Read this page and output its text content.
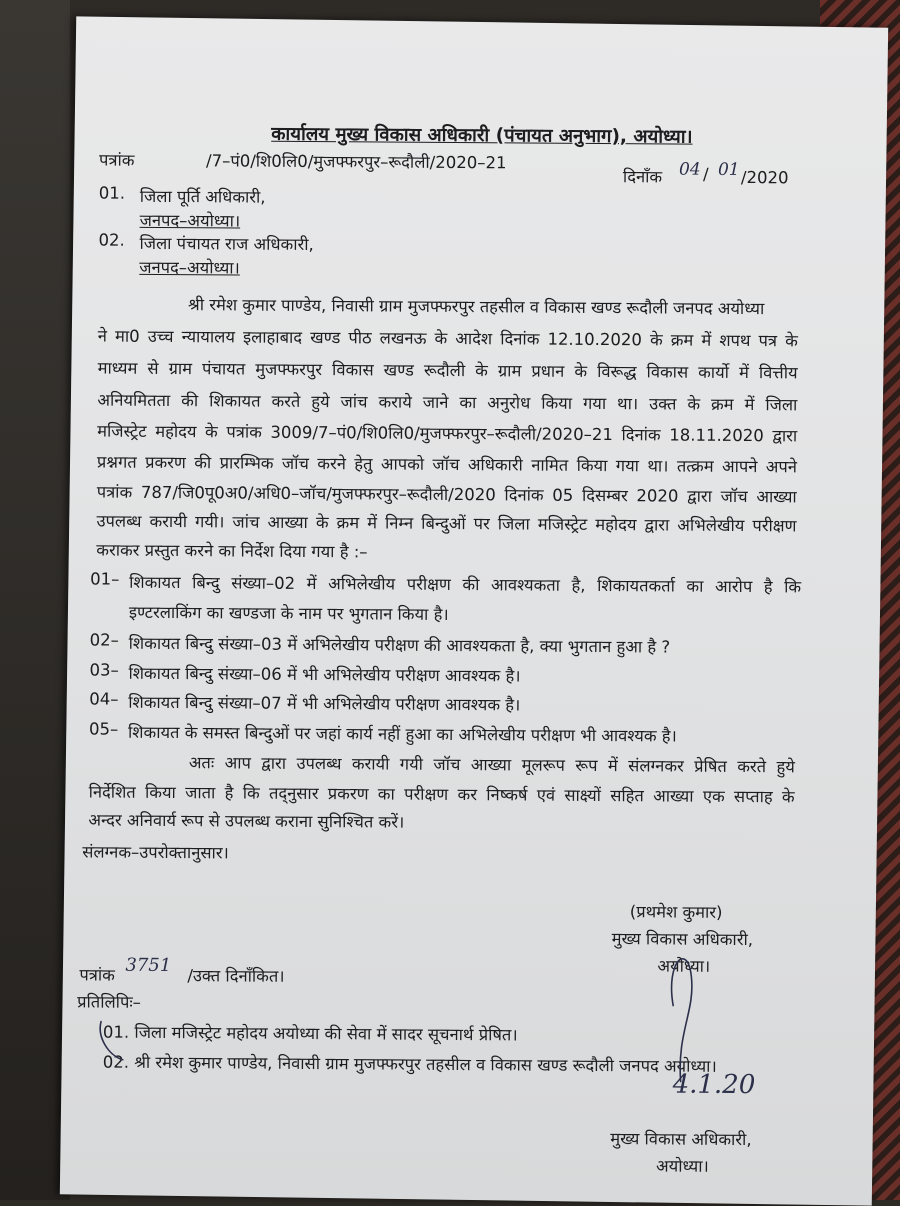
कार्यालय मुख्य विकास अधिकारी (पंचायत अनुभाग), अयोध्या।
पत्रांक	/7–पं0/शि0लि0/मुजफ्फरपुर–रूदौली/2020–21
दिनाँक 04 / 01 /2020
01. जिला पूर्ति अधिकारी,
जनपद–अयोध्या।
02. जिला पंचायत राज अधिकारी,
जनपद–अयोध्या।
श्री रमेश कुमार पाण्डेय, निवासी ग्राम मुजफ्फरपुर तहसील व विकास खण्ड रूदौली जनपद अयोध्या
ने मा0 उच्च न्यायालय इलाहाबाद खण्ड पीठ लखनऊ के आदेश दिनांक 12.10.2020 के क्रम में शपथ पत्र के
माध्यम से ग्राम पंचायत मुजफ्फरपुर विकास खण्ड रूदौली के ग्राम प्रधान के विरूद्ध विकास कार्यो में वित्तीय
अनियमितता की शिकायत करते हुये जांच कराये जाने का अनुरोध किया गया था। उक्त के क्रम में जिला
मजिस्ट्रेट महोदय के पत्रांक 3009/7–पं0/शि0लि0/मुजफ्फरपुर–रूदौली/2020–21 दिनांक 18.11.2020 द्वारा
प्रश्नगत प्रकरण की प्रारम्भिक जॉच करने हेतु आपको जॉच अधिकारी नामित किया गया था। तत्क्रम आपने अपने
पत्रांक 787/जि0पू0अ0/अधि0–जॉच/मुजफ्फरपुर–रूदौली/2020 दिनांक 05 दिसम्बर 2020 द्वारा जॉच आख्या
उपलब्ध करायी गयी। जांच आख्या के क्रम में निम्न बिन्दुओं पर जिला मजिस्ट्रेट महोदय द्वारा अभिलेखीय परीक्षण
कराकर प्रस्तुत करने का निर्देश दिया गया है :–
01– शिकायत बिन्दु संख्या–02 में अभिलेखीय परीक्षण की आवश्यकता है, शिकायतकर्ता का आरोप है कि
इण्टरलाकिंग का खण्डजा के नाम पर भुगतान किया है।
02– शिकायत बिन्दु संख्या–03 में अभिलेखीय परीक्षण की आवश्यकता है, क्या भुगतान हुआ है ?
03– शिकायत बिन्दु संख्या–06 में भी अभिलेखीय परीक्षण आवश्यक है।
04– शिकायत बिन्दु संख्या–07 में भी अभिलेखीय परीक्षण आवश्यक है।
05– शिकायत के समस्त बिन्दुओं पर जहां कार्य नहीं हुआ का अभिलेखीय परीक्षण भी आवश्यक है।
अतः आप द्वारा उपलब्ध करायी गयी जॉच आख्या मूलरूप रूप में संलग्नकर प्रेषित करते हुये
निर्देशित किया जाता है कि तद्नुसार प्रकरण का परीक्षण कर निष्कर्ष एवं साक्ष्यों सहित आख्या एक सप्ताह के
अन्दर अनिवार्य रूप से उपलब्ध कराना सुनिश्चित करें।
संलग्नक–उपरोक्तानुसार।
(प्रथमेश कुमार)
मुख्य विकास अधिकारी,
अयोध्या।
पत्रांक 3751 /उक्त दिनाँकित।
प्रतिलिपिः–
01. जिला मजिस्ट्रेट महोदय अयोध्या की सेवा में सादर सूचनार्थ प्रेषित।
02. श्री रमेश कुमार पाण्डेय, निवासी ग्राम मुजफ्फरपुर तहसील व विकास खण्ड रूदौली जनपद अयोध्या।
4.1.20
मुख्य विकास अधिकारी,
अयोध्या।
